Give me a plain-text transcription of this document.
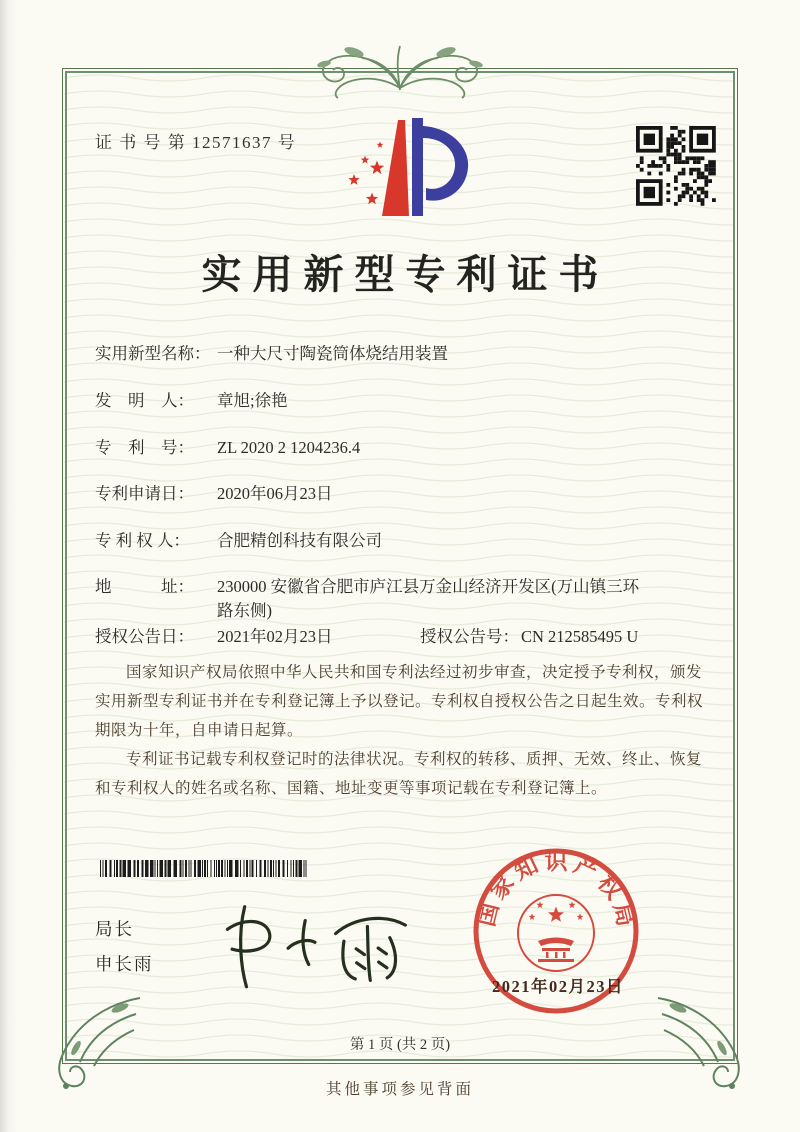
证 书 号 第 12571637 号
实用新型专利证书
实用新型名称： 一种大尺寸陶瓷筒体烧结用装置
发　明　人： 章旭;徐艳
专　利　号： ZL 2020 2 1204236.4
专利申请日： 2020年06月23日
专 利 权 人： 合肥精创科技有限公司
地　　　址： 230000 安徽省合肥市庐江县万金山经济开发区(万山镇三环路东侧)
授权公告日： 2021年02月23日	授权公告号： CN 212585495 U

国家知识产权局依照中华人民共和国专利法经过初步审查，决定授予专利权，颁发实用新型专利证书并在专利登记簿上予以登记。专利权自授权公告之日起生效。专利权期限为十年，自申请日起算。

专利证书记载专利权登记时的法律状况。专利权的转移、质押、无效、终止、恢复和专利权人的姓名或名称、国籍、地址变更等事项记载在专利登记簿上。

局长
申长雨
国家知识产权局
2021年02月23日
第 1 页 (共 2 页)
其他事项参见背面
